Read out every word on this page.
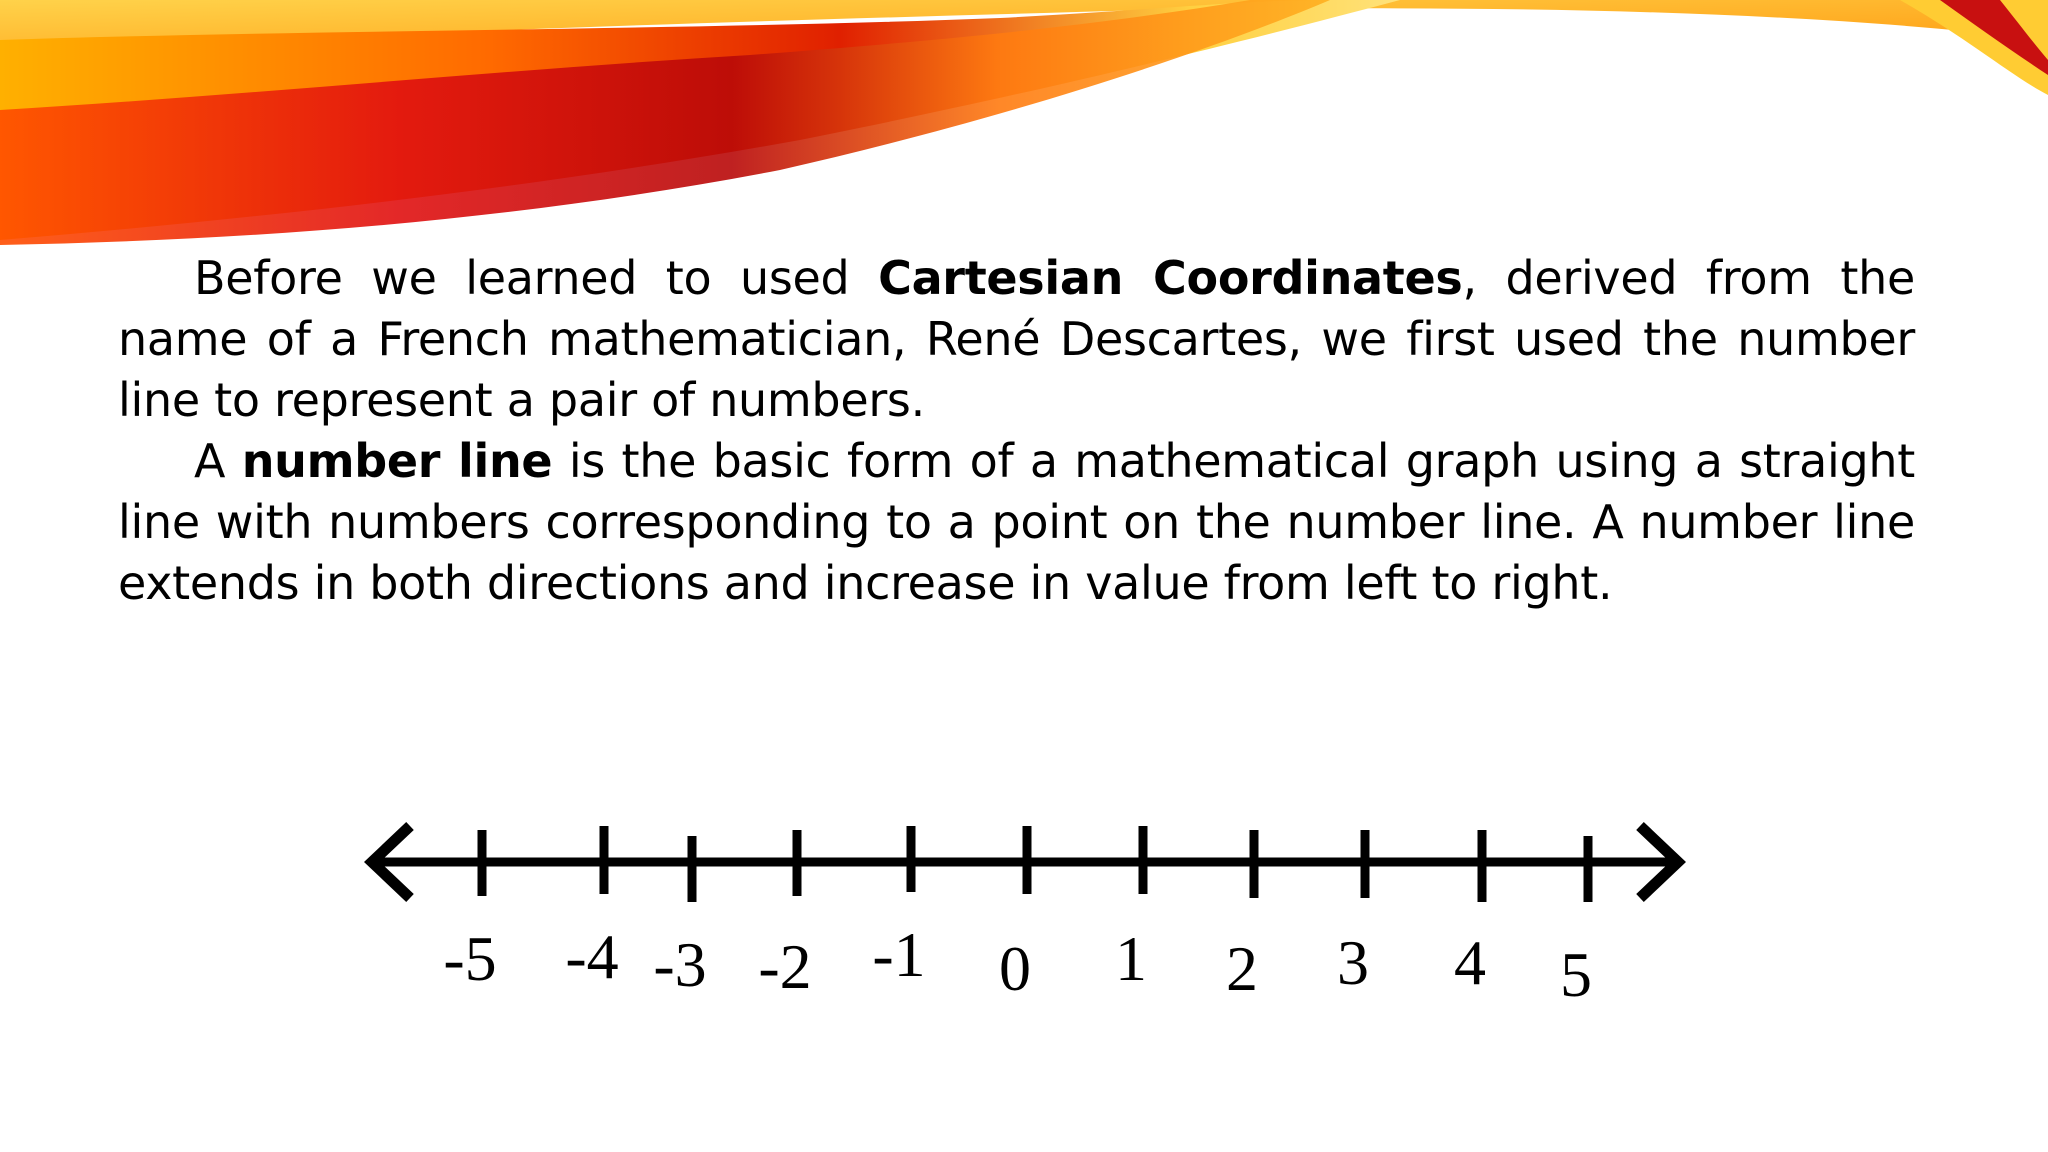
Before we learned to used Cartesian Coordinates, derived from the name of a French mathematician, René Descartes, we first used the number line to represent a pair of numbers.

A number line is the basic form of a mathematical graph using a straight line with numbers corresponding to a point on the number line. A number line extends in both directions and increase in value from left to right.

-5 -4 -3 -2 -1 0 1 2 3 4 5
